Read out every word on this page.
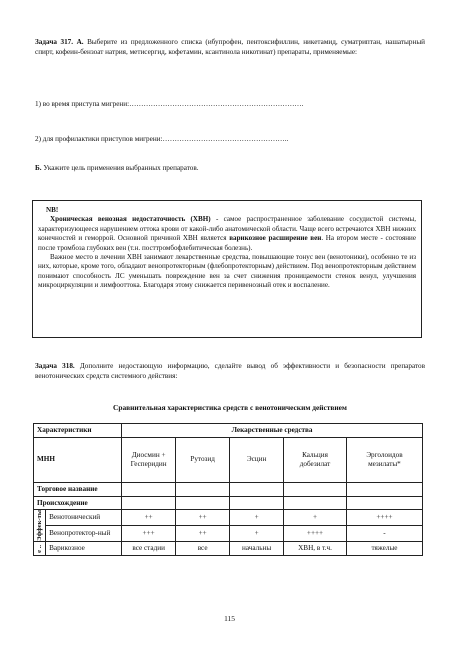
Задача 317. А. Выберите из предложенного списка (ибупрофен, пентоксифиллин, никетамид, суматриптан, нашатырный спирт, кофеин-бензоат натрия, метисергид, кофетамин, ксантинола никотинат) препараты, применяемые:

1) во время приступа мигрени:……………………………………………………………….

2) для профилактики приступов мигрени:……………………………………………..

Б. Укажите цель применения выбранных препаратов.

NB!

Хроническая венозная недостаточность (ХВН) - самое распространенное заболевание сосудистой системы, характеризующееся нарушением оттока крови от какой-либо анатомической области. Чаще всего встречаются ХВН нижних конечностей и геморрой. Основной причиной ХВН является варикозное расширение вен. На втором месте - состояние после тромбоза глубоких вен (т.н. посттромбофлебитическая болезнь).

Важное место в лечении ХВН занимают лекарственные средства, повышающие тонус вен (венотоники), особенно те из них, которые, кроме того, обладают венопротекторным (флебопротекторным) действием. Под венопротекторным действием понимают способность ЛС уменьшать повреждение вен за счет снижения проницаемости стенок венул, улучшения микроциркуляции и лимфооттока. Благодаря этому снижается перивенозный отек и воспаление.

Задача 318. Дополните недостающую информацию, сделайте вывод об эффективности и безопасности препаратов венотонических средств системного действия:

Сравнительная характеристика средств с венотоническим действием
Характеристики		Лекарственные средства				
МНН		Диосмин + Гесперидин	Рутозид	Эсцин	Кальция добезилат	Эрголоидов мезилаты*
Торговое название						
Происхождение						

Эффек-ты	Венотонический	++	++	+	+	++++
	Венопротектор-ный	+++	++	+	++++	-

е ..	Варикозное	все стадии	все	начальны	ХВН, в т.ч.	тяжелые
115
